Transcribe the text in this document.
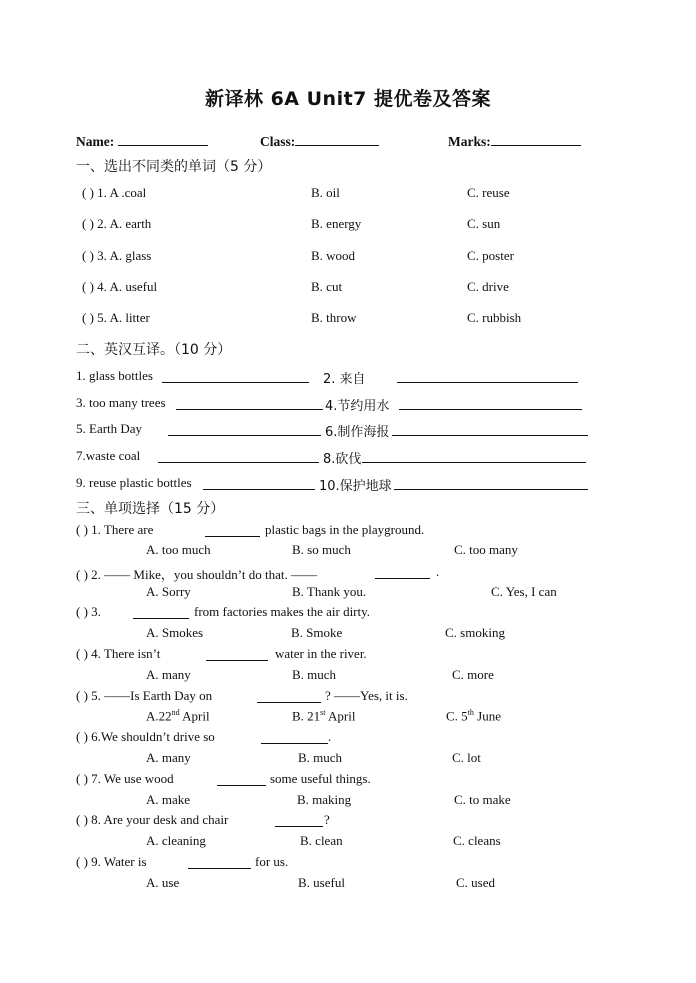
新译林 6A Unit7 提优卷及答案
Name:	Class:	Marks:
一、选出不同类的单词（5 分）
( ) 1. A .coal	B. oil	C. reuse
( ) 2. A. earth	B. energy	C. sun
( ) 3. A. glass	B. wood	C. poster
( ) 4. A. useful	B. cut	C. drive
( ) 5. A. litter	B. throw	C. rubbish
二、英汉互译。（10 分）
1. glass bottles	2. 来自
3. too many trees	4.节约用水
5. Earth Day	6.制作海报
7.waste coal	8.砍伐
9. reuse plastic bottles	10.保护地球
三、单项选择（15 分）
( ) 1. There are	plastic bags in the playground.
A. too much	B. so much	C. too many
( ) 2. —— Mike，you shouldn’t do that. ——	.
A. Sorry	B. Thank you.	C. Yes, I can
( ) 3.	from factories makes the air dirty.
A. Smokes	B. Smoke	C. smoking
( ) 4. There isn’t	water in the river.
A. many	B. much	C. more
( ) 5. ——Is Earth Day on	? ——Yes, it is.
A.22nd April	B. 21st April	C. 5th June
( ) 6.We shouldn’t drive so	.
A. many	B. much	C. lot
( ) 7. We use wood	some useful things.
A. make	B. making	C. to make
( ) 8. Are your desk and chair	?
A. cleaning	B. clean	C. cleans
( ) 9. Water is	for us.
A. use	B. useful	C. used
